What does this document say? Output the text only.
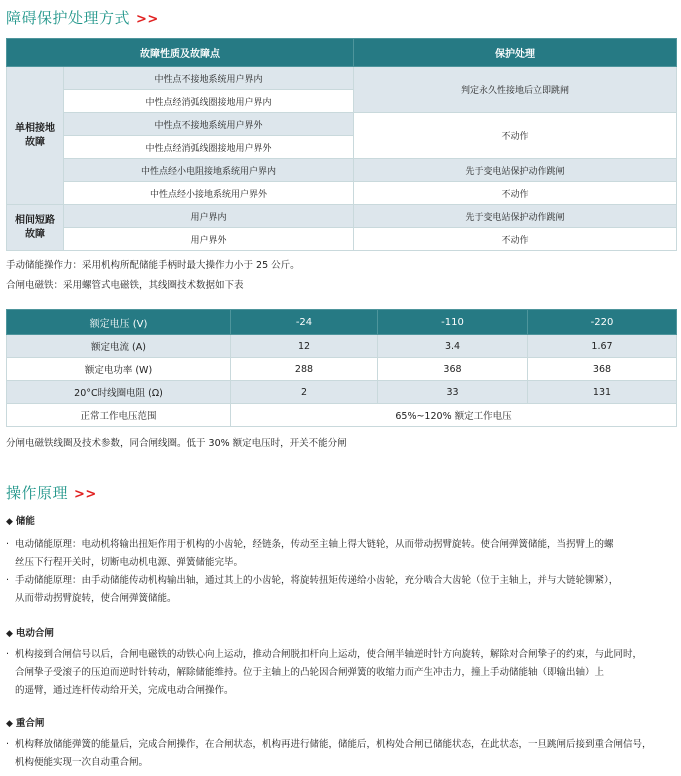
障碍保护处理方式 >>
故障性质及故障点		保护处理
单相接地
故障	中性点不接地系统用户界内	判定永久性接地后立即跳闸
	中性点经消弧线圈接地用户界内	
	中性点不接地系统用户界外	不动作
	中性点经消弧线圈接地用户界外	
	中性点经小电阻接地系统用户界内	先于变电站保护动作跳闸
	中性点经小接地系统用户界外	不动作
相间短路
故障	用户界内	先于变电站保护动作跳闸
	用户界外	不动作
手动储能操作力：采用机构所配储能手柄时最大操作力小于 25 公斤。
合闸电磁铁：采用螺管式电磁铁，其线圈技术数据如下表
额定电压 (V)	-24	-110	-220
额定电流 (A)	12	3.4	1.67
额定电功率 (W)	288	368	368
20°C时线圈电阻 (Ω)	2	33	131
正常工作电压范围	65%~120% 额定工作电压		
分闸电磁铁线圈及技术参数，同合闸线圈。低于 30% 额定电压时，开关不能分闸
操作原理 >>
◆ 储能
· 电动储能原理：电动机将输出扭矩作用于机构的小齿轮，经链条，传动至主轴上得大链轮，从而带动拐臂旋转。使合闸弹簧储能，当拐臂上的螺
丝压下行程开关时，切断电动机电源、弹簧储能完毕。
· 手动储能原理：由手动储能传动机构输出轴，通过其上的小齿轮，将旋转扭矩传递给小齿轮，充分啮合大齿轮（位于主轴上，并与大链轮铆紧），
从而带动拐臂旋转，使合闸弹簧储能。
◆ 电动合闸
· 机构接到合闸信号以后，合闸电磁铁的动铁心向上运动，推动合闸脱扣杆向上运动，使合闸半轴逆时针方向旋转，解除对合闸挚子的约束，与此同时，
合闸挚子受滚子的压迫而逆时针转动，解除储能维持。位于主轴上的凸轮因合闸弹簧的收缩力而产生冲击力，撞上手动储能轴（即输出轴）上
的遥臂，通过连杆传动给开关，完成电动合闸操作。
◆ 重合闸
· 机构释放储能弹簧的能量后，完成合闸操作，在合闸状态，机构再进行储能，储能后，机构处合闸已储能状态，在此状态，一旦跳闸后接到重合闸信号，
机构便能实现一次自动重合闸。
